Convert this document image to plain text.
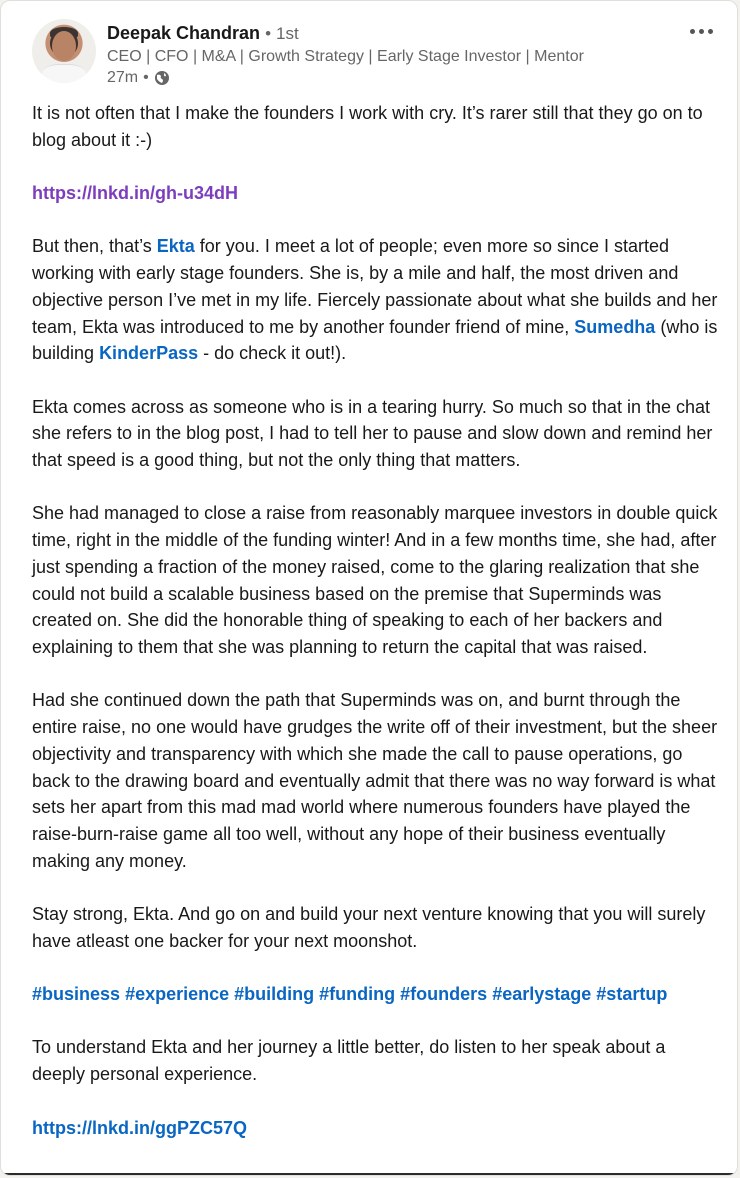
Deepak Chandran • 1st
CEO | CFO | M&A | Growth Strategy | Early Stage Investor | Mentor
27m •

It is not often that I make the founders I work with cry. It’s rarer still that they go on to blog about it :-)

https://lnkd.in/gh-u34dH

But then, that’s Ekta for you. I meet a lot of people; even more so since I started working with early stage founders. She is, by a mile and half, the most driven and objective person I’ve met in my life. Fiercely passionate about what she builds and her team, Ekta was introduced to me by another founder friend of mine, Sumedha (who is building KinderPass - do check it out!).

Ekta comes across as someone who is in a tearing hurry. So much so that in the chat she refers to in the blog post, I had to tell her to pause and slow down and remind her that speed is a good thing, but not the only thing that matters.

She had managed to close a raise from reasonably marquee investors in double quick time, right in the middle of the funding winter! And in a few months time, she had, after just spending a fraction of the money raised, come to the glaring realization that she could not build a scalable business based on the premise that Superminds was created on. She did the honorable thing of speaking to each of her backers and explaining to them that she was planning to return the capital that was raised.

Had she continued down the path that Superminds was on, and burnt through the entire raise, no one would have grudges the write off of their investment, but the sheer objectivity and transparency with which she made the call to pause operations, go back to the drawing board and eventually admit that there was no way forward is what sets her apart from this mad mad world where numerous founders have played the raise-burn-raise game all too well, without any hope of their business eventually making any money.

Stay strong, Ekta. And go on and build your next venture knowing that you will surely have atleast one backer for your next moonshot.

#business #experience #building #funding #founders #earlystage #startup

To understand Ekta and her journey a little better, do listen to her speak about a deeply personal experience.

https://lnkd.in/ggPZC57Q
